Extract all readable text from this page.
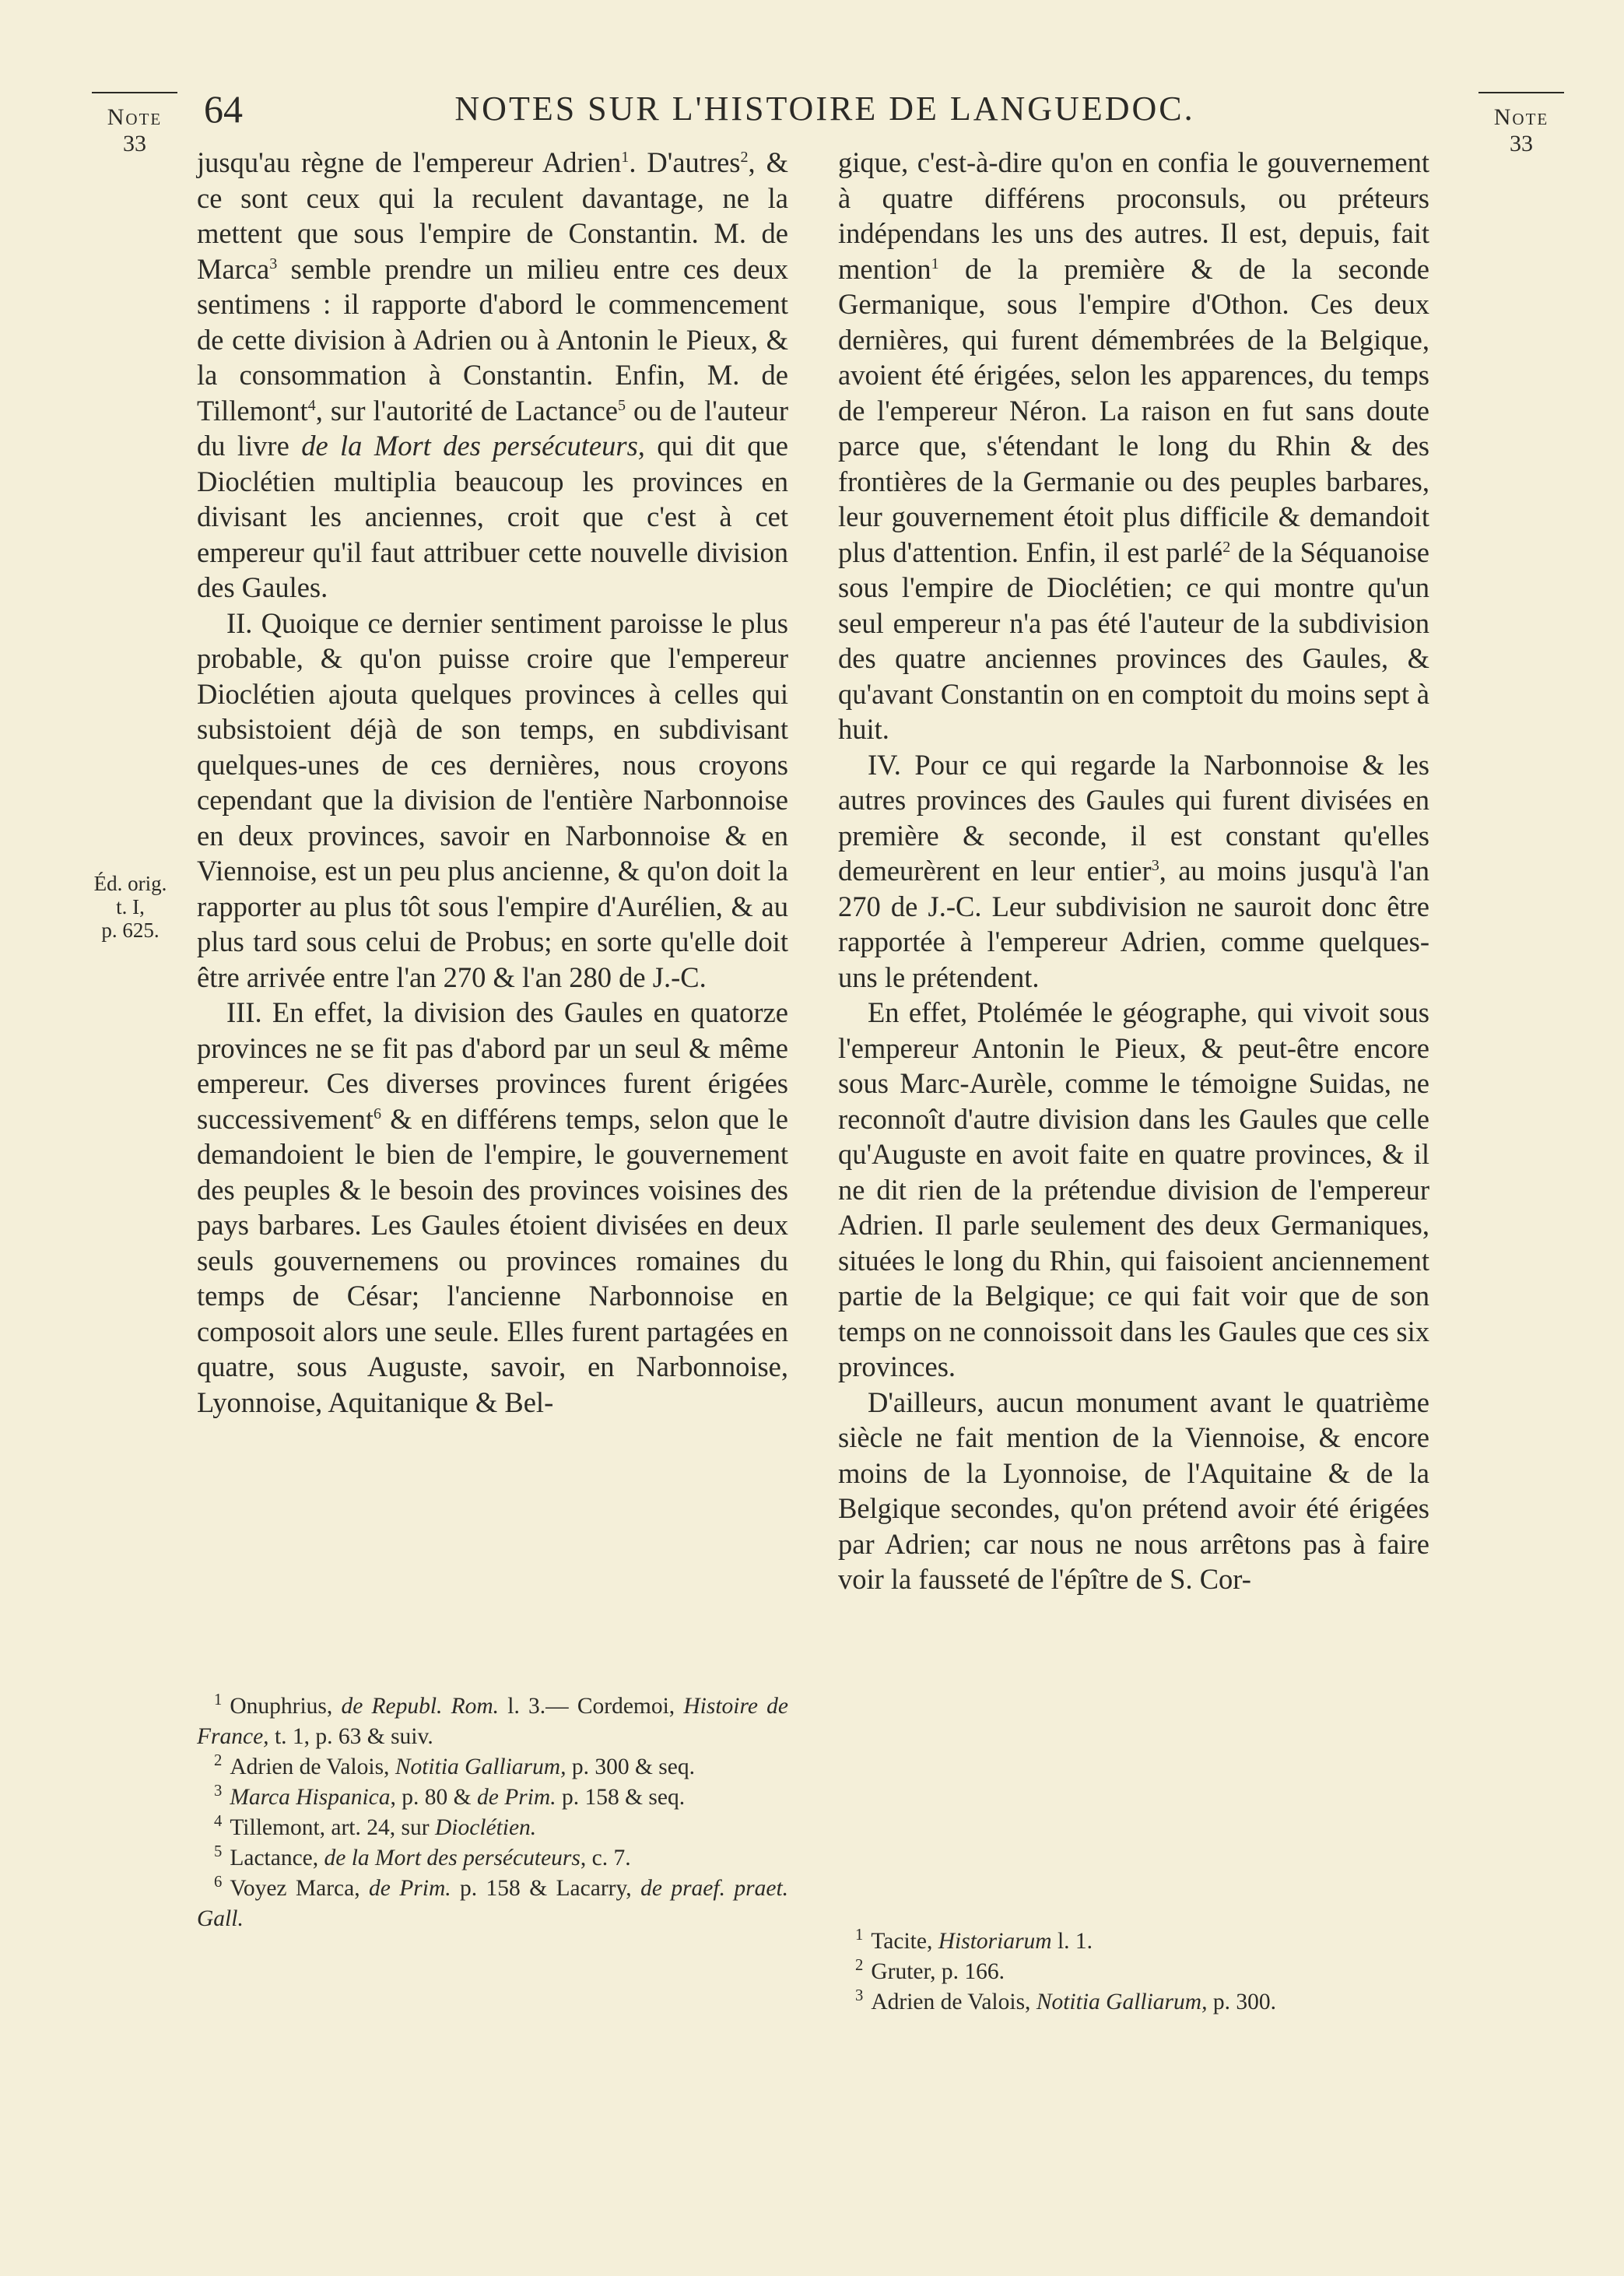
Note
33
Note
33
64	NOTES SUR L'HISTOIRE DE LANGUEDOC.
Éd. orig.
t. I,
p. 625.

jusqu'au règne de l'empereur Adrien$^1$. D'autres$^2$, & ce sont ceux qui la reculent davantage, ne la mettent que sous l'empire de Constantin. M. de Marca$^3$ semble prendre un milieu entre ces deux sentimens : il rapporte d'abord le commencement de cette division à Adrien ou à Antonin le Pieux, & la consommation à Constantin. Enfin, M. de Tillemont$^4$, sur l'autorité de Lactance$^5$ ou de l'auteur du livre de la Mort des persécuteurs, qui dit que Dioclétien multiplia beaucoup les provinces en divisant les anciennes, croit que c'est à cet empereur qu'il faut attribuer cette nouvelle division des Gaules.

II. Quoique ce dernier sentiment paroisse le plus probable, & qu'on puisse croire que l'empereur Dioclétien ajouta quelques provinces à celles qui subsistoient déjà de son temps, en subdivisant quelques-unes de ces dernières, nous croyons cependant que la division de l'entière Narbonnoise en deux provinces, savoir en Narbonnoise & en Viennoise, est un peu plus ancienne, & qu'on doit la rapporter au plus tôt sous l'empire d'Aurélien, & au plus tard sous celui de Probus; en sorte qu'elle doit être arrivée entre l'an 270 & l'an 280 de J.-C.

III. En effet, la division des Gaules en quatorze provinces ne se fit pas d'abord par un seul & même empereur. Ces diverses provinces furent érigées successivement$^6$ & en différens temps, selon que le demandoient le bien de l'empire, le gouvernement des peuples & le besoin des provinces voisines des pays barbares. Les Gaules étoient divisées en deux seuls gouvernemens ou provinces romaines du temps de César; l'ancienne Narbonnoise en composoit alors une seule. Elles furent partagées en quatre, sous Auguste, savoir, en Narbonnoise, Lyonnoise, Aquitanique & Bel-

gique, c'est-à-dire qu'on en confia le gouvernement à quatre différens proconsuls, ou préteurs indépendans les uns des autres. Il est, depuis, fait mention$^1$ de la première & de la seconde Germanique, sous l'empire d'Othon. Ces deux dernières, qui furent démembrées de la Belgique, avoient été érigées, selon les apparences, du temps de l'empereur Néron. La raison en fut sans doute parce que, s'étendant le long du Rhin & des frontières de la Germanie ou des peuples barbares, leur gouvernement étoit plus difficile & demandoit plus d'attention. Enfin, il est parlé$^2$ de la Séquanoise sous l'empire de Dioclétien; ce qui montre qu'un seul empereur n'a pas été l'auteur de la subdivision des quatre anciennes provinces des Gaules, & qu'avant Constantin on en comptoit du moins sept à huit.

IV. Pour ce qui regarde la Narbonnoise & les autres provinces des Gaules qui furent divisées en première & seconde, il est constant qu'elles demeurèrent en leur entier$^3$, au moins jusqu'à l'an 270 de J.-C. Leur subdivision ne sauroit donc être rapportée à l'empereur Adrien, comme quelques-uns le prétendent.

En effet, Ptolémée le géographe, qui vivoit sous l'empereur Antonin le Pieux, & peut-être encore sous Marc-Aurèle, comme le témoigne Suidas, ne reconnoît d'autre division dans les Gaules que celle qu'Auguste en avoit faite en quatre provinces, & il ne dit rien de la prétendue division de l'empereur Adrien. Il parle seulement des deux Germaniques, situées le long du Rhin, qui faisoient anciennement partie de la Belgique; ce qui fait voir que de son temps on ne connoissoit dans les Gaules que ces six provinces.

D'ailleurs, aucun monument avant le quatrième siècle ne fait mention de la Viennoise, & encore moins de la Lyonnoise, de l'Aquitaine & de la Belgique secondes, qu'on prétend avoir été érigées par Adrien; car nous ne nous arrêtons pas à faire voir la fausseté de l'épître de S. Cor-

$^1$ Onuphrius, de Republ. Rom. l. 3.— Cordemoi, Histoire de France, t. 1, p. 63 & suiv.

$^2$ Adrien de Valois, Notitia Galliarum, p. 300 & seq.

$^3$ Marca Hispanica, p. 80 & de Prim. p. 158 & seq.

$^4$ Tillemont, art. 24, sur Dioclétien.

$^5$ Lactance, de la Mort des persécuteurs, c. 7.

$^6$ Voyez Marca, de Prim. p. 158 & Lacarry, de praef. praet. Gall.

$^1$ Tacite, Historiarum l. 1.

$^2$ Gruter, p. 166.

$^3$ Adrien de Valois, Notitia Galliarum, p. 300.
